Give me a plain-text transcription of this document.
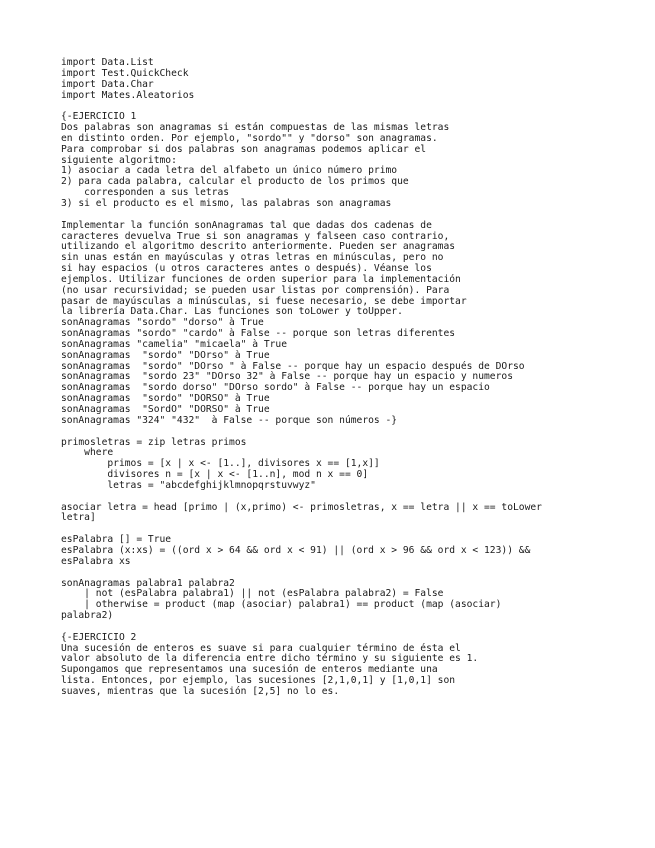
import Data.List
import Test.QuickCheck
import Data.Char
import Mates.Aleatorios
{-EJERCICIO 1
Dos palabras son anagramas si están compuestas de las mismas letras
en distinto orden. Por ejemplo, "sordo"" y "dorso" son anagramas.
Para comprobar si dos palabras son anagramas podemos aplicar el
siguiente algoritmo:
1) asociar a cada letra del alfabeto un único número primo
2) para cada palabra, calcular el producto de los primos que
corresponden a sus letras
3) si el producto es el mismo, las palabras son anagramas
Implementar la función sonAnagramas tal que dadas dos cadenas de
caracteres devuelva True si son anagramas y falseen caso contrario,
utilizando el algoritmo descrito anteriormente. Pueden ser anagramas
sin unas están en mayúsculas y otras letras en minúsculas, pero no
si hay espacios (u otros caracteres antes o después). Véanse los
ejemplos. Utilizar funciones de orden superior para la implementación
(no usar recursividad; se pueden usar listas por comprensión). Para
pasar de mayúsculas a minúsculas, si fuese necesario, se debe importar
la librería Data.Char. Las funciones son toLower y toUpper.
sonAnagramas "sordo" "dorso" à True
sonAnagramas "sordo" "cardo" à False -- porque son letras diferentes
sonAnagramas "camelia" "micaela" à True
sonAnagramas  "sordo" "DOrso" à True
sonAnagramas  "sordo" "DOrso " à False -- porque hay un espacio después de DOrso
sonAnagramas  "sordo 23" "DOrso 32" à False -- porque hay un espacio y numeros
sonAnagramas  "sordo dorso" "DOrso sordo" à False -- porque hay un espacio
sonAnagramas  "sordo" "DORSO" à True
sonAnagramas  "SordO" "DORSO" à True
sonAnagramas "324" "432"  à False -- porque son números -}
primosletras = zip letras primos
where
primos = [x | x <- [1..], divisores x == [1,x]]
divisores n = [x | x <- [1..n], mod n x == 0]
letras = "abcdefghijklmnopqrstuvwyz"
asociar letra = head [primo | (x,primo) <- primosletras, x == letra || x == toLower
letra]
esPalabra [] = True
esPalabra (x:xs) = ((ord x > 64 && ord x < 91) || (ord x > 96 && ord x < 123)) &&
esPalabra xs
sonAnagramas palabra1 palabra2
| not (esPalabra palabra1) || not (esPalabra palabra2) = False
| otherwise = product (map (asociar) palabra1) == product (map (asociar)
palabra2)
{-EJERCICIO 2
Una sucesión de enteros es suave si para cualquier término de ésta el
valor absoluto de la diferencia entre dicho término y su siguiente es 1.
Supongamos que representamos una sucesión de enteros mediante una
lista. Entonces, por ejemplo, las sucesiones [2,1,0,1] y [1,0,1] son
suaves, mientras que la sucesión [2,5] no lo es.
